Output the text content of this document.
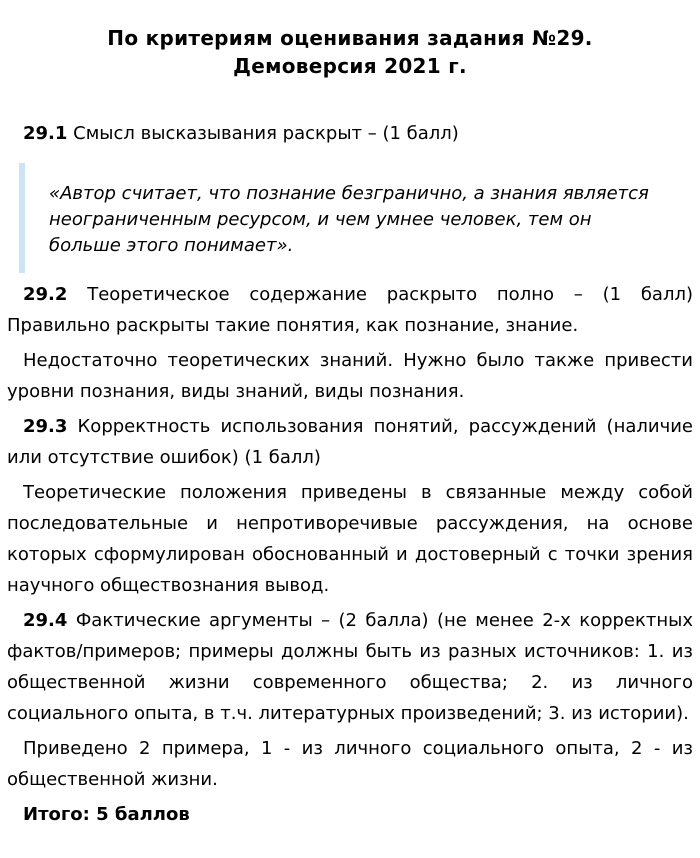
По критериям оценивания задания №29.
Демоверсия 2021 г.

29.1 Смысл высказывания раскрыт – (1 балл)

«Автор считает, что познание безгранично, а знания является неограниченным ресурсом, и чем умнее человек, тем он больше этого понимает».

29.2 Теоретическое содержание раскрыто полно – (1 балл) Правильно раскрыты такие понятия, как познание, знание.

Недостаточно теоретических знаний. Нужно было также привести уровни познания, виды знаний, виды познания.

29.3 Корректность использования понятий, рассуждений (наличие или отсутствие ошибок) (1 балл)

Теоретические положения приведены в связанные между собой последовательные и непротиворечивые рассуждения, на основе которых сформулирован обоснованный и достоверный с точки зрения научного обществознания вывод.

29.4 Фактические аргументы – (2 балла) (не менее 2-х корректных фактов/примеров; примеры должны быть из разных источников: 1. из общественной жизни современного общества; 2. из личного социального опыта, в т.ч. литературных произведений; 3. из истории).

Приведено 2 примера, 1 - из личного социального опыта, 2 - из общественной жизни.

Итого: 5 баллов
